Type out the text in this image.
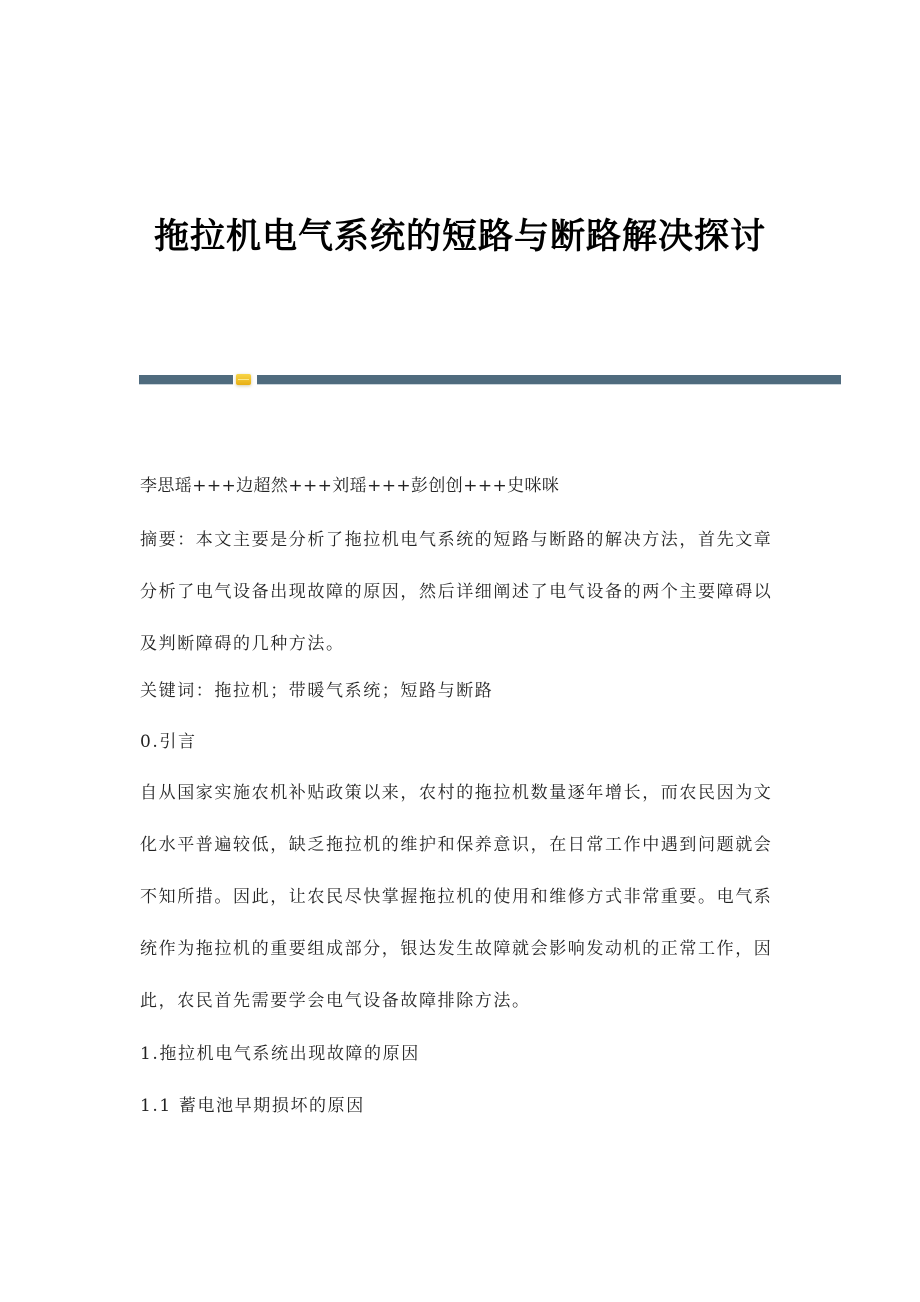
拖拉机电气系统的短路与断路解决探讨

李思瑶+++边超然+++刘瑶+++彭创创+++史咪咪

摘要：本文主要是分析了拖拉机电气系统的短路与断路的解决方法，首先文章分析了电气设备出现故障的原因，然后详细阐述了电气设备的两个主要障碍以及判断障碍的几种方法。

关键词：拖拉机；带暖气系统；短路与断路

0.引言

自从国家实施农机补贴政策以来，农村的拖拉机数量逐年增长，而农民因为文化水平普遍较低，缺乏拖拉机的维护和保养意识，在日常工作中遇到问题就会不知所措。因此，让农民尽快掌握拖拉机的使用和维修方式非常重要。电气系统作为拖拉机的重要组成部分，银达发生故障就会影响发动机的正常工作，因此，农民首先需要学会电气设备故障排除方法。

1.拖拉机电气系统出现故障的原因

1.1 蓄电池早期损坏的原因
